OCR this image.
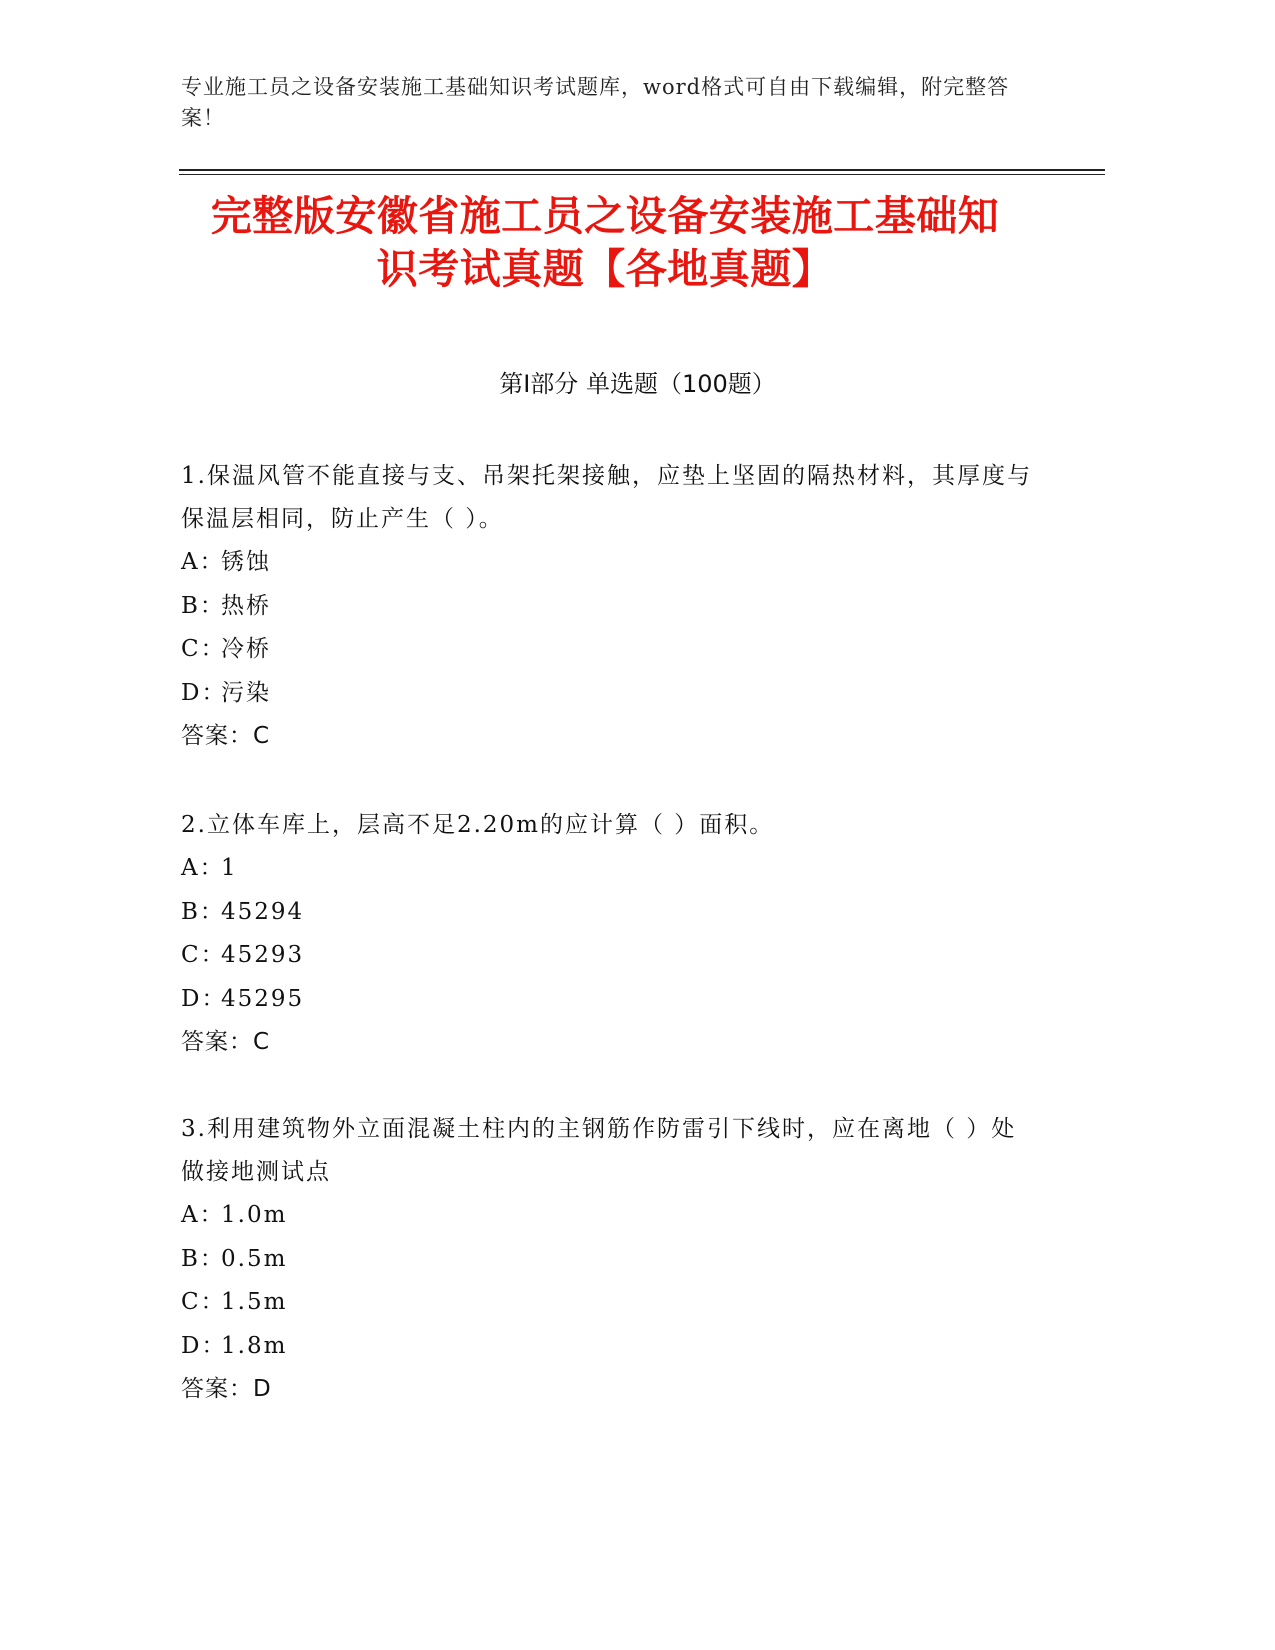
专业施工员之设备安装施工基础知识考试题库，word格式可自由下载编辑，附完整答案！
完整版安徽省施工员之设备安装施工基础知
识考试真题【各地真题】
第Ⅰ部分 单选题（100题）

1.保温风管不能直接与支、吊架托架接触，应垫上坚固的隔热材料，其厚度与保温层相同，防止产生（ ）。

A：锈蚀

B：热桥

C：冷桥

D：污染

答案：C

2.立体车库上，层高不足2.20m的应计算（ ）面积。

A：1

B：45294

C：45293

D：45295

答案：C

3.利用建筑物外立面混凝土柱内的主钢筋作防雷引下线时，应在离地（ ）处做接地测试点

A：1.0m

B：0.5m

C：1.5m

D：1.8m

答案：D
